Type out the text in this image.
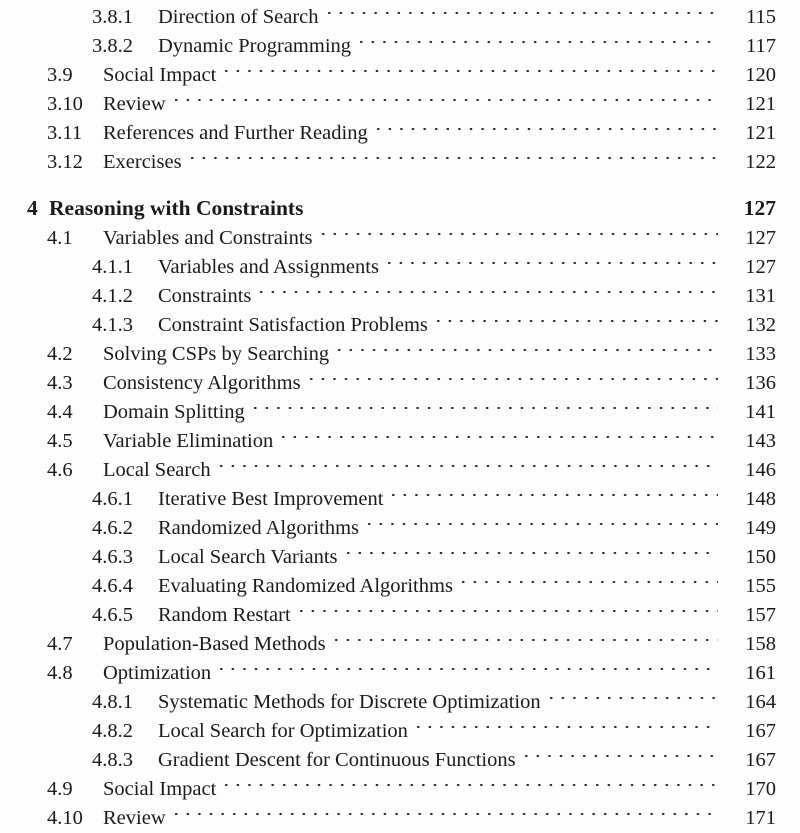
3.8.1	Direction of Search	115
3.8.2	Dynamic Programming	117
3.9	Social Impact	120
3.10 Review	121
3.11	References and Further Reading	121
3.12 Exercises	122
4 Reasoning with Constraints	127
4.1	Variables and Constraints	127
4.1.1	Variables and Assignments	127
4.1.2	Constraints	131
4.1.3	Constraint Satisfaction Problems	132
4.2	Solving CSPs by Searching	133
4.3	Consistency Algorithms	136
4.4	Domain Splitting	141
4.5	Variable Elimination	143
4.6	Local Search	146
4.6.1	Iterative Best Improvement	148
4.6.2	Randomized Algorithms	149
4.6.3	Local Search Variants	150
4.6.4	Evaluating Randomized Algorithms	155
4.6.5	Random Restart	157
4.7	Population-Based Methods	158
4.8	Optimization	161
4.8.1	Systematic Methods for Discrete Optimization	164
4.8.2	Local Search for Optimization	167
4.8.3	Gradient Descent for Continuous Functions	167
4.9	Social Impact	170
4.10 Review	171
